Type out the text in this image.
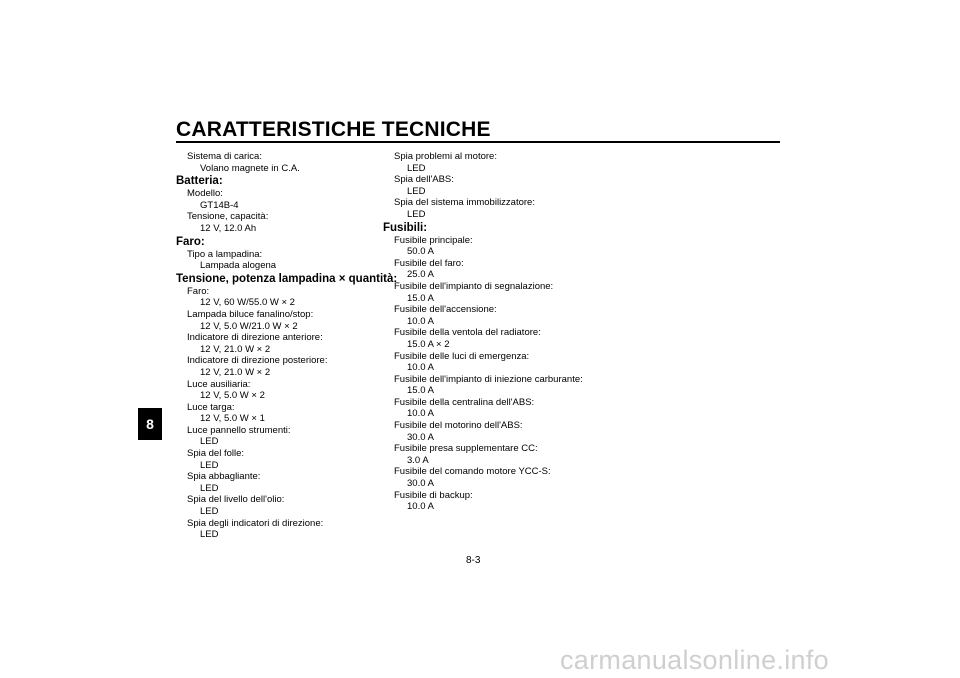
CARATTERISTICHE TECNICHE
8
Sistema di carica:
Volano magnete in C.A.
Batteria:
Modello:
GT14B-4
Tensione, capacità:
12 V, 12.0 Ah
Faro:
Tipo a lampadina:
Lampada alogena
Tensione, potenza lampadina × quantità:
Faro:
12 V, 60 W/55.0 W × 2
Lampada biluce fanalino/stop:
12 V, 5.0 W/21.0 W × 2
Indicatore di direzione anteriore:
12 V, 21.0 W × 2
Indicatore di direzione posteriore:
12 V, 21.0 W × 2
Luce ausiliaria:
12 V, 5.0 W × 2
Luce targa:
12 V, 5.0 W × 1
Luce pannello strumenti:
LED
Spia del folle:
LED
Spia abbagliante:
LED
Spia del livello dell'olio:
LED
Spia degli indicatori di direzione:
LED
Spia problemi al motore:
LED
Spia dell'ABS:
LED
Spia del sistema immobilizzatore:
LED
Fusibili:
Fusibile principale:
50.0 A
Fusibile del faro:
25.0 A
Fusibile dell'impianto di segnalazione:
15.0 A
Fusibile dell'accensione:
10.0 A
Fusibile della ventola del radiatore:
15.0 A × 2
Fusibile delle luci di emergenza:
10.0 A
Fusibile dell'impianto di iniezione carburante:
15.0 A
Fusibile della centralina dell'ABS:
10.0 A
Fusibile del motorino dell'ABS:
30.0 A
Fusibile presa supplementare CC:
3.0 A
Fusibile del comando motore YCC-S:
30.0 A
Fusibile di backup:
10.0 A
8-3
carmanualsonline.info
